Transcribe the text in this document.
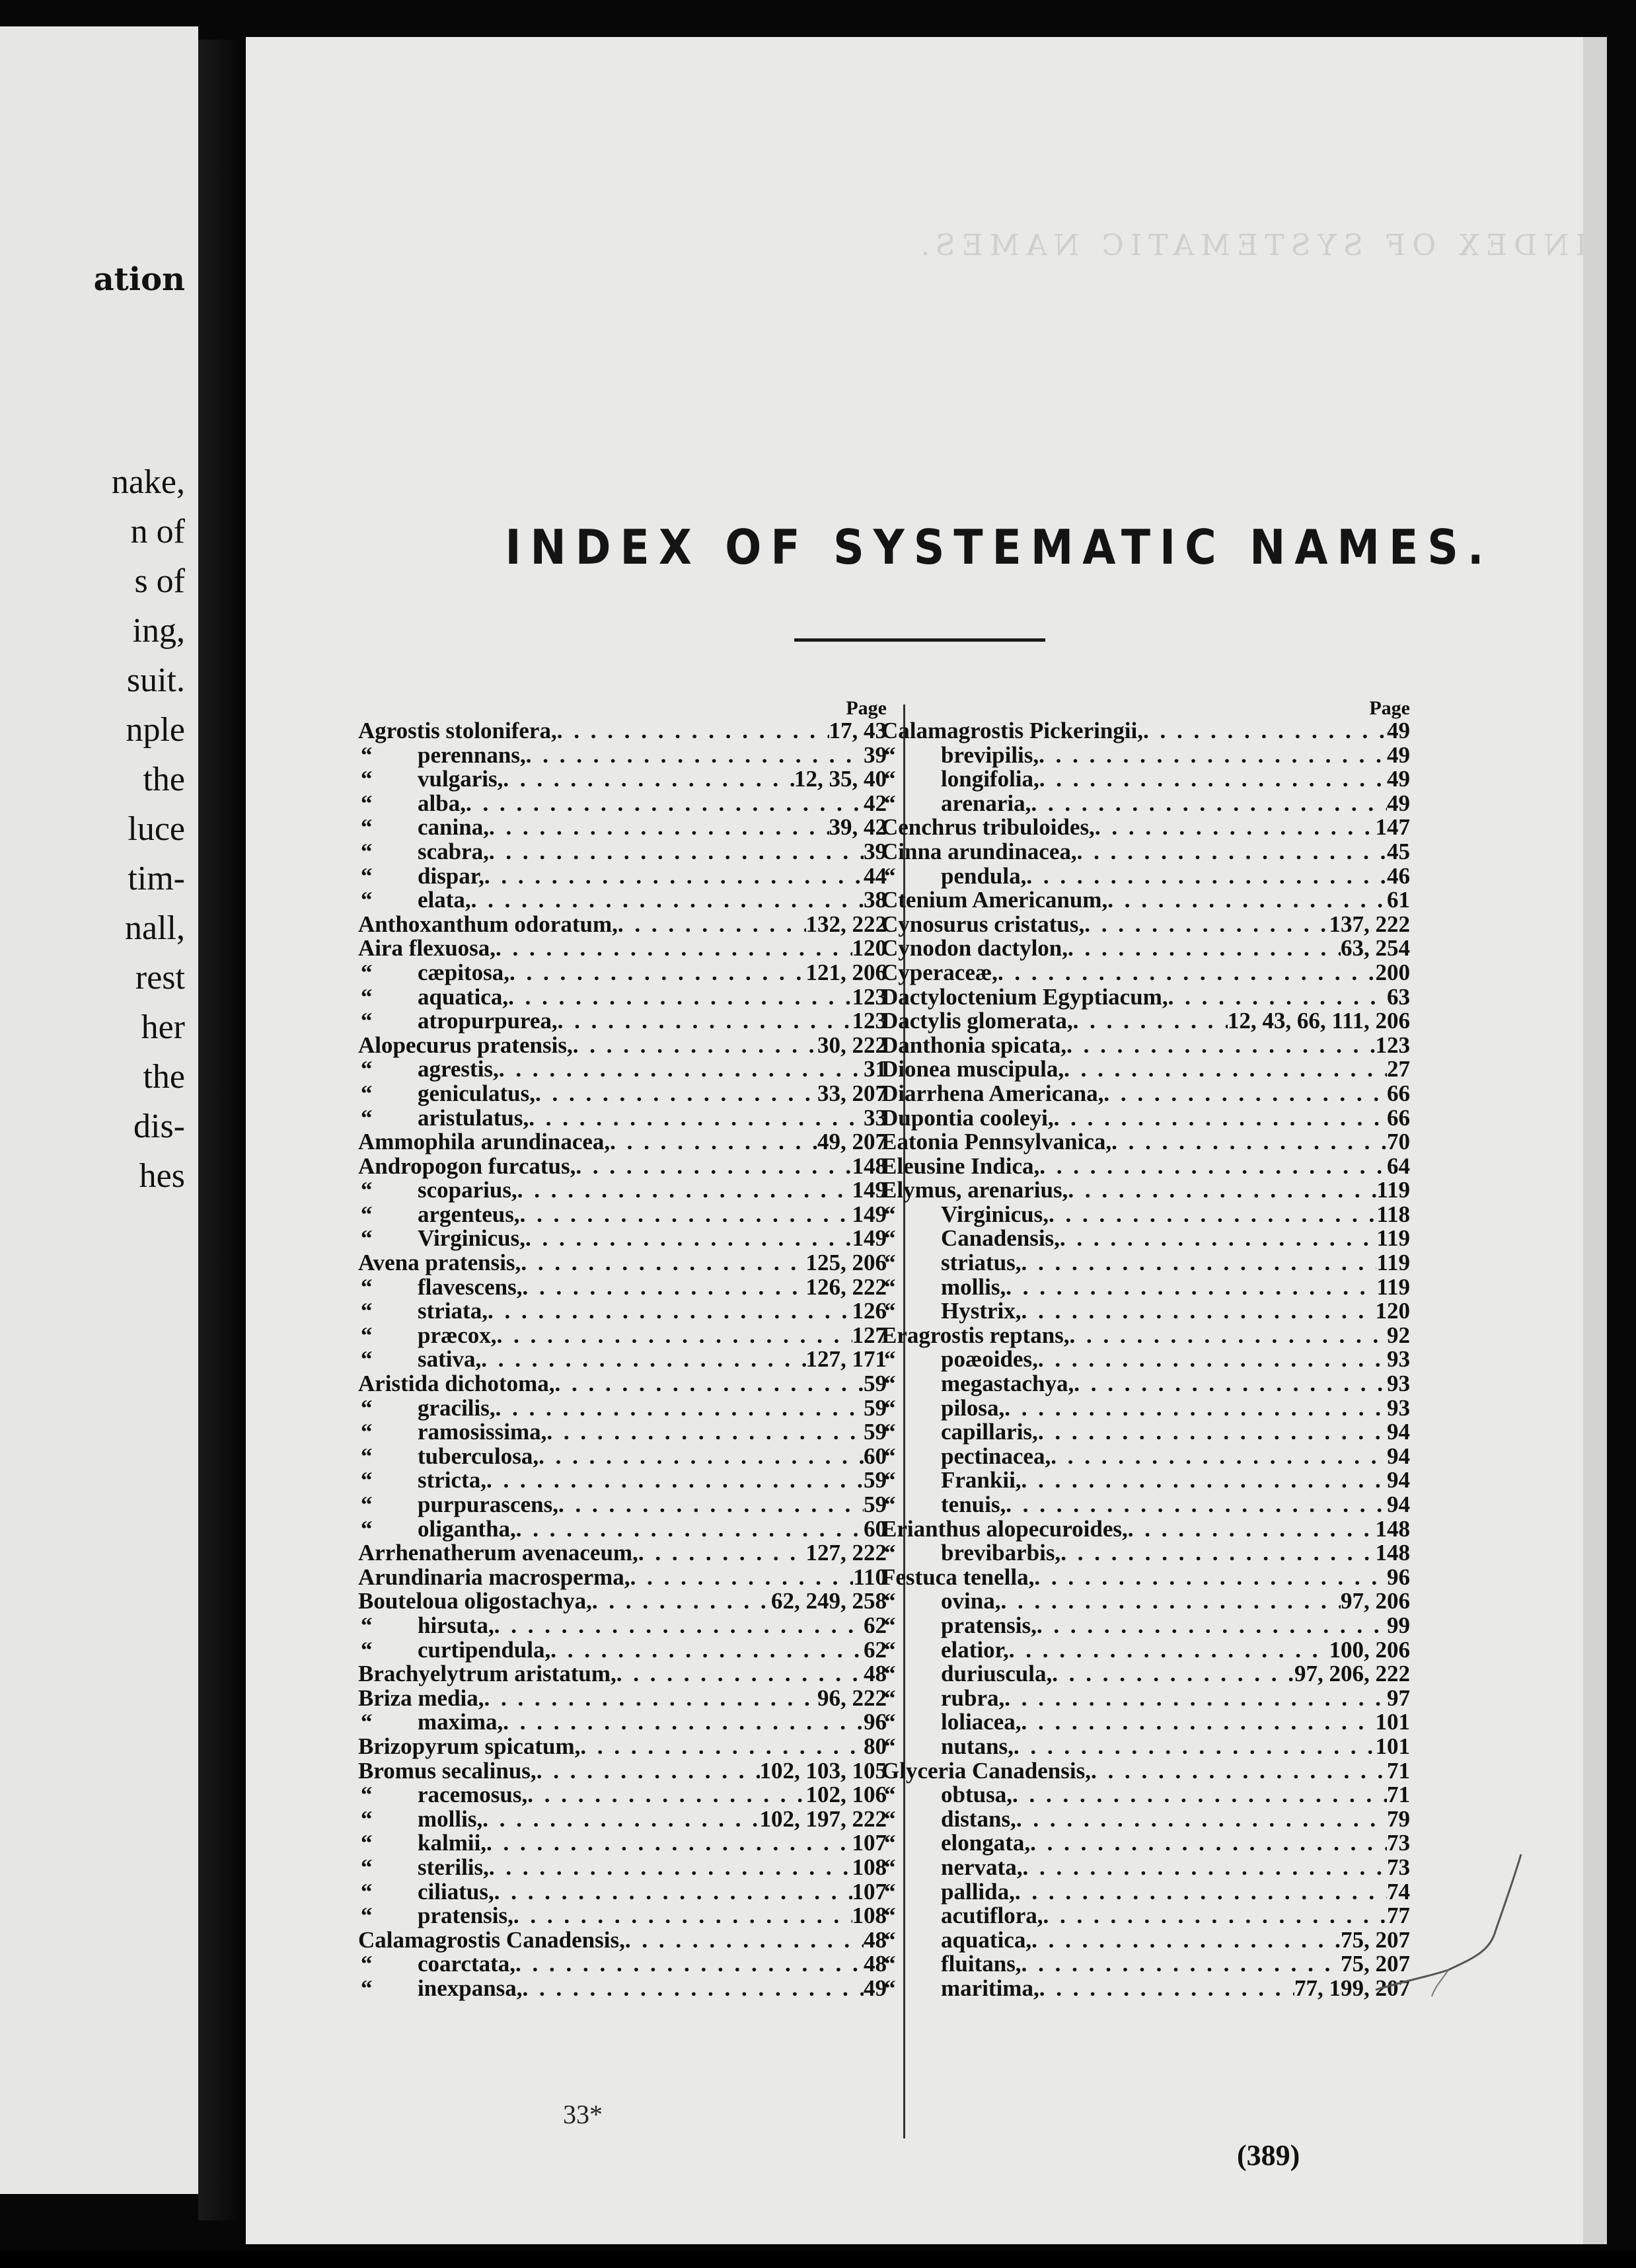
ation
nake,
n of
s of
ing,
suit.
nple
the
luce
tim-
nall,
rest
her
the
dis-
hes
INDEX OF SYSTEMATIC NAMES.
INDEX OF SYSTEMATIC NAMES.
Page
Agrostis stolonifera, . . .	17, 43
“ perennans, . . .	39
“ vulgaris, . . .	12, 35, 40
“ alba, . . .	42
“ canina, . . .	39, 42
“ scabra, . . .	39
“ dispar, . . .	44
“ elata, . . .	38
Anthoxanthum odoratum, . . .	132, 222
Aira flexuosa, . . .	120
“ cæpitosa, . . .	121, 206
“ aquatica, . . .	123
“ atropurpurea, . . .	123
Alopecurus pratensis, . . .	30, 222
“ agrestis, . . .	31
“ geniculatus, . . .	33, 207
“ aristulatus, . . .	33
Ammophila arundinacea, . . .	49, 207
Andropogon furcatus, . . .	148
“ scoparius, . . .	149
“ argenteus, . . .	149
“ Virginicus, . . .	149
Avena pratensis, . . .	125, 206
“ flavescens, . . .	126, 222
“ striata, . . .	126
“ præcox, . . .	127
“ sativa, . . .	127, 171
Aristida dichotoma, . . .	59
“ gracilis, . . .	59
“ ramosissima, . . .	59
“ tuberculosa, . . .	60
“ stricta, . . .	59
“ purpurascens, . . .	59
“ oligantha, . . .	60
Arrhenatherum avenaceum, . . .	127, 222
Arundinaria macrosperma, . . .	110
Bouteloua oligostachya, . . .	62, 249, 258
“ hirsuta, . . .	62
“ curtipendula, . . .	62
Brachyelytrum aristatum, . . .	48
Briza media, . . .	96, 222
“ maxima, . . .	96
Brizopyrum spicatum, . . .	80
Bromus secalinus, . . .	102, 103, 105
“ racemosus, . . .	102, 106
“ mollis, . . .	102, 197, 222
“ kalmii, . . .	107
“ sterilis, . . .	108
“ ciliatus, . . .	107
“ pratensis, . . .	108
Calamagrostis Canadensis, . . .	48
“ coarctata, . . .	48
“ inexpansa, . . .	49
Page
Calamagrostis Pickeringii, . . .	49
“ brevipilis, . . .	49
“ longifolia, . . .	49
“ arenaria, . . .	49
Cenchrus tribuloides, . . .	147
Cinna arundinacea, . . .	45
“ pendula, . . .	46
Ctenium Americanum, . . .	61
Cynosurus cristatus, . . .	137, 222
Cynodon dactylon, . . .	63, 254
Cyperaceæ, . . .	200
Dactyloctenium Egyptiacum, . . .	63
Dactylis glomerata, . . .	12, 43, 66, 111, 206
Danthonia spicata, . . .	123
Dionea muscipula, . . .	27
Diarrhena Americana, . . .	66
Dupontia cooleyi, . . .	66
Eatonia Pennsylvanica, . . .	70
Eleusine Indica, . . .	64
Elymus, arenarius, . . .	119
“ Virginicus, . . .	118
“ Canadensis, . . .	119
“ striatus, . . .	119
“ mollis, . . .	119
“ Hystrix, . . .	120
Eragrostis reptans, . . .	92
“ poæoides, . . .	93
“ megastachya, . . .	93
“ pilosa, . . .	93
“ capillaris, . . .	94
“ pectinacea, . . .	94
“ Frankii, . . .	94
“ tenuis, . . .	94
Erianthus alopecuroides, . . .	148
“ brevibarbis, . . .	148
Festuca tenella, . . .	96
“ ovina, . . .	97, 206
“ pratensis, . . .	99
“ elatior, . . .	100, 206
“ duriuscula, . . .	97, 206, 222
“ rubra, . . .	97
“ loliacea, . . .	101
“ nutans, . . .	101
Glyceria Canadensis, . . .	71
“ obtusa, . . .	71
“ distans, . . .	79
“ elongata, . . .	73
“ nervata, . . .	73
“ pallida, . . .	74
“ acutiflora, . . .	77
“ aquatica, . . .	75, 207
“ fluitans, . . .	75, 207
“ maritima, . . .	77, 199, 207
33*
(389)
